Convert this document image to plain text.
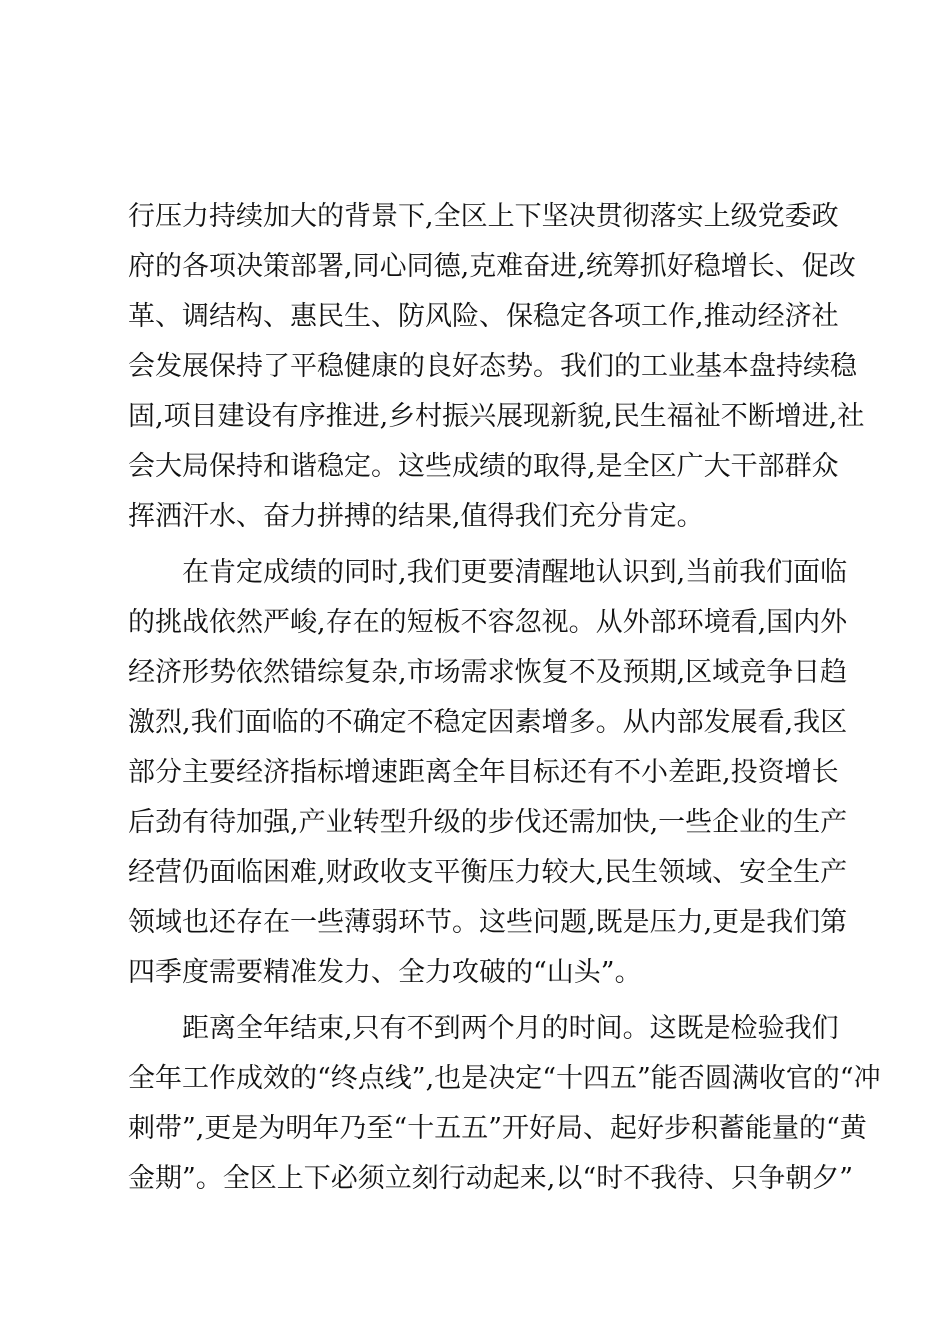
行压力持续加大的背景下,全区上下坚决贯彻落实上级党委政
府的各项决策部署,同心同德,克难奋进,统筹抓好稳增长、促改
革、调结构、惠民生、防风险、保稳定各项工作,推动经济社
会发展保持了平稳健康的良好态势。我们的工业基本盘持续稳
固,项目建设有序推进,乡村振兴展现新貌,民生福祉不断增进,社
会大局保持和谐稳定。这些成绩的取得,是全区广大干部群众
挥洒汗水、奋力拼搏的结果,值得我们充分肯定。
在肯定成绩的同时,我们更要清醒地认识到,当前我们面临
的挑战依然严峻,存在的短板不容忽视。从外部环境看,国内外
经济形势依然错综复杂,市场需求恢复不及预期,区域竞争日趋
激烈,我们面临的不确定不稳定因素增多。从内部发展看,我区
部分主要经济指标增速距离全年目标还有不小差距,投资增长
后劲有待加强,产业转型升级的步伐还需加快,一些企业的生产
经营仍面临困难,财政收支平衡压力较大,民生领域、安全生产
领域也还存在一些薄弱环节。这些问题,既是压力,更是我们第
四季度需要精准发力、全力攻破的“山头”。
距离全年结束,只有不到两个月的时间。这既是检验我们
全年工作成效的“终点线”,也是决定“十四五”能否圆满收官的“冲
刺带”,更是为明年乃至“十五五”开好局、起好步积蓄能量的“黄
金期”。全区上下必须立刻行动起来,以“时不我待、只争朝夕”
